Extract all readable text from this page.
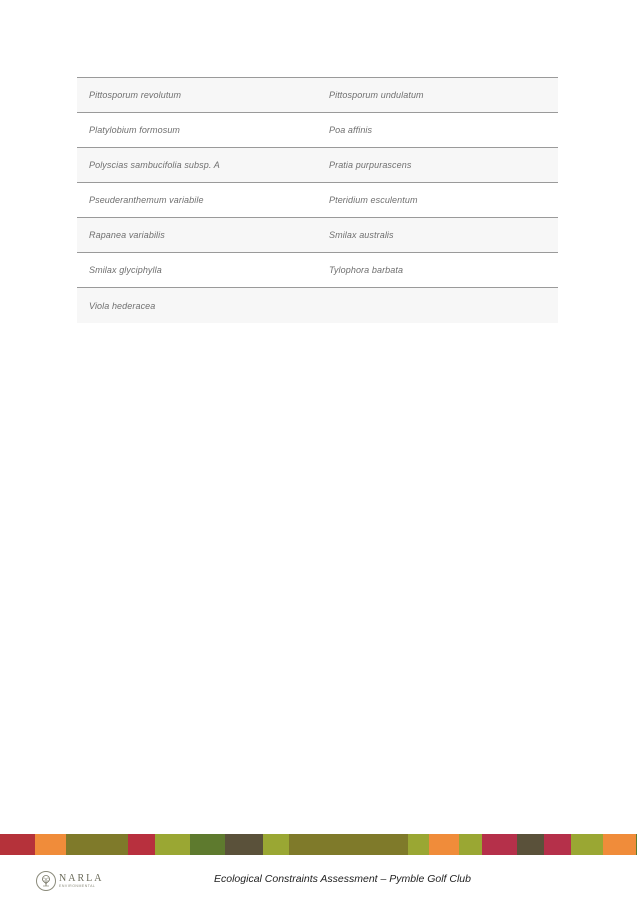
Pittosporum revolutum	Pittosporum undulatum
Platylobium formosum	Poa affinis
Polyscias sambucifolia subsp. A	Pratia purpurascens
Pseuderanthemum variabile	Pteridium esculentum
Rapanea variabilis	Smilax australis
Smilax glyciphylla	Tylophora barbata
Viola hederacea
NARLA
ENVIRONMENTAL
Ecological Constraints Assessment – Pymble Golf Club
